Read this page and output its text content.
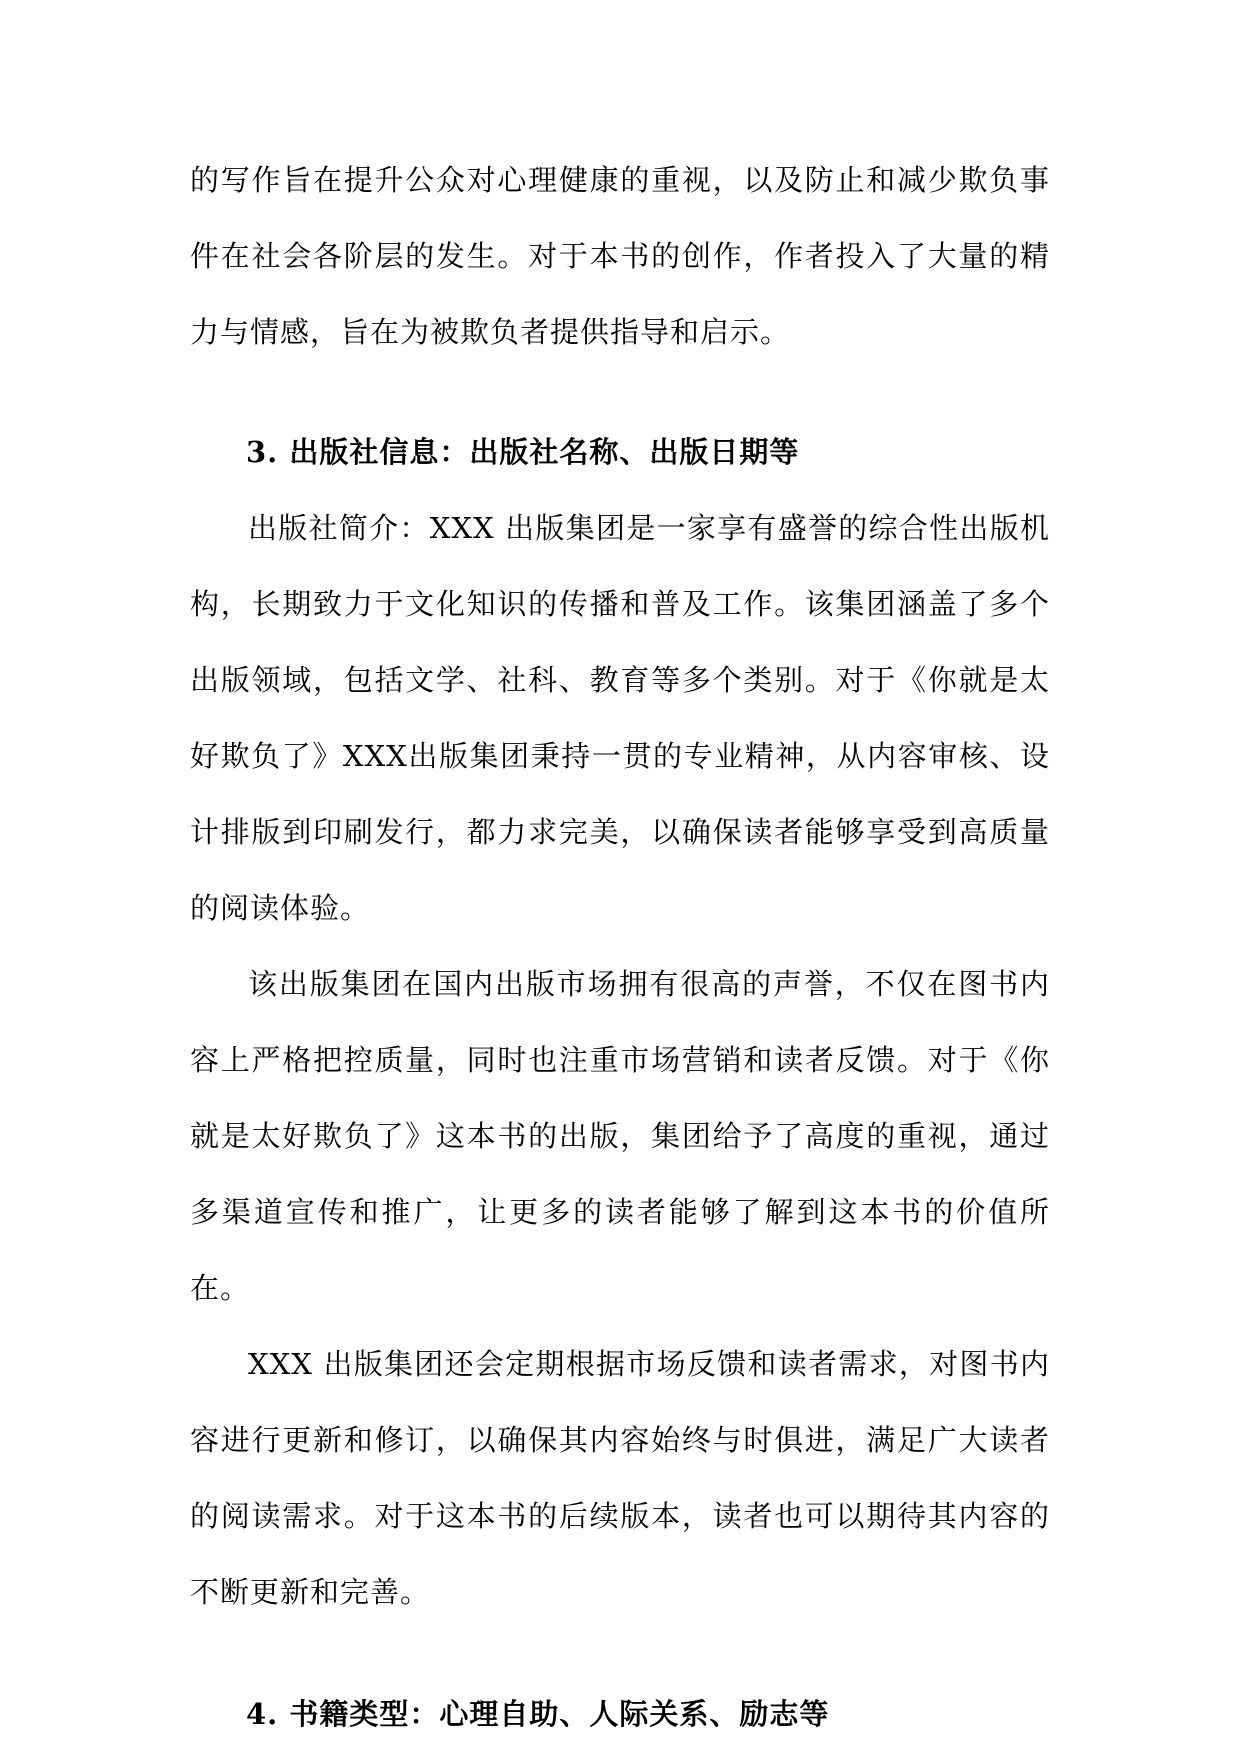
的写作旨在提升公众对心理健康的重视，以及防止和减少欺负事件在社会各阶层的发生。对于本书的创作，作者投入了大量的精力与情感，旨在为被欺负者提供指导和启示。

3. 出版社信息：出版社名称、出版日期等

出版社简介：XXX 出版集团是一家享有盛誉的综合性出版机构，长期致力于文化知识的传播和普及工作。该集团涵盖了多个出版领域，包括文学、社科、教育等多个类别。对于《你就是太好欺负了》XXX出版集团秉持一贯的专业精神，从内容审核、设计排版到印刷发行，都力求完美，以确保读者能够享受到高质量的阅读体验。

该出版集团在国内出版市场拥有很高的声誉，不仅在图书内容上严格把控质量，同时也注重市场营销和读者反馈。对于《你就是太好欺负了》这本书的出版，集团给予了高度的重视，通过多渠道宣传和推广，让更多的读者能够了解到这本书的价值所在。

XXX 出版集团还会定期根据市场反馈和读者需求，对图书内容进行更新和修订，以确保其内容始终与时俱进，满足广大读者的阅读需求。对于这本书的后续版本，读者也可以期待其内容的不断更新和完善。

4. 书籍类型：心理自助、人际关系、励志等
